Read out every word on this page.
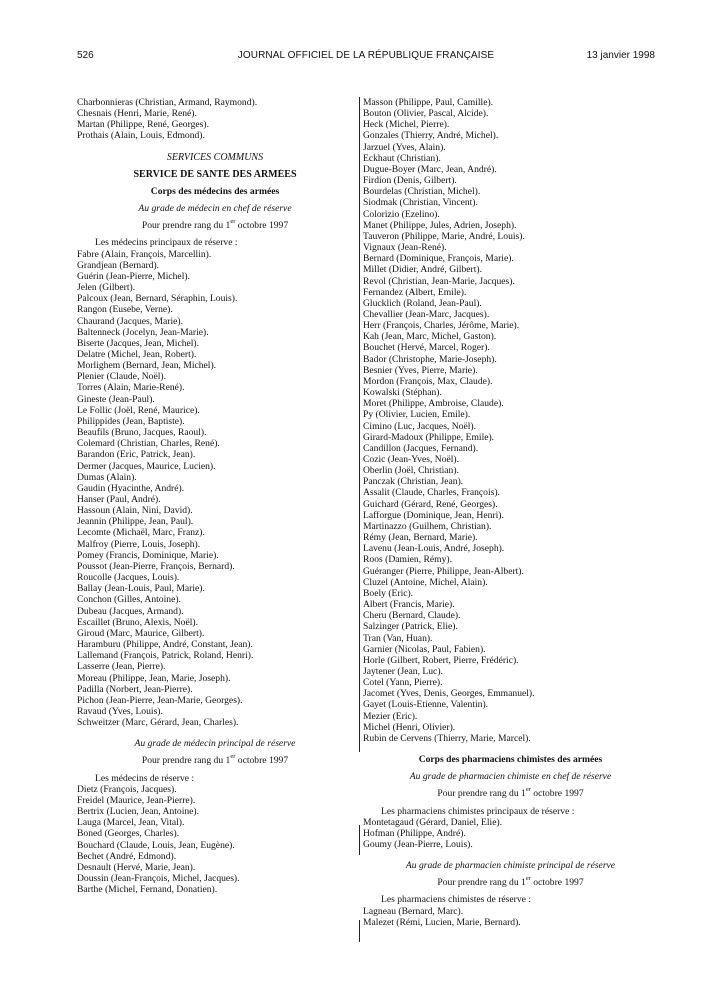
526	JOURNAL OFFICIEL DE LA RÉPUBLIQUE FRANÇAISE	13 janvier 1998
Charbonnieras (Christian, Armand, Raymond).
Chesnais (Henri, Marie, René).
Martan (Philippe, René, Georges).
Prothais (Alain, Louis, Edmond).
SERVICES COMMUNS
SERVICE DE SANTÉ DES ARMÉES
Corps des médecins des armées
Au grade de médecin en chef de réserve
Pour prendre rang du 1er octobre 1997
Les médecins principaux de réserve :
Fabre (Alain, François, Marcellin).
Grandjean (Bernard).
Guérin (Jean-Pierre, Michel).
Jelen (Gilbert).
Palcoux (Jean, Bernard, Séraphin, Louis).
Rangon (Eusebe, Verne).
Chaurand (Jacques, Marie).
Baltenneck (Jocelyn, Jean-Marie).
Biserte (Jacques, Jean, Michel).
Delatre (Michel, Jean, Robert).
Morlighem (Bernard, Jean, Michel).
Plenier (Claude, Noël).
Torres (Alain, Marie-René).
Gineste (Jean-Paul).
Le Follic (Joël, René, Maurice).
Philippides (Jean, Baptiste).
Beaufils (Bruno, Jacques, Raoul).
Colemard (Christian, Charles, René).
Barandon (Eric, Patrick, Jean).
Dermer (Jacques, Maurice, Lucien).
Dumas (Alain).
Gaudin (Hyacinthe, André).
Hanser (Paul, André).
Hassoun (Alain, Nini, David).
Jeannin (Philippe, Jean, Paul).
Lecomte (Michaël, Marc, Franz).
Malfroy (Pierre, Louis, Joseph).
Pomey (Francis, Dominique, Marie).
Poussot (Jean-Pierre, François, Bernard).
Roucolle (Jacques, Louis).
Ballay (Jean-Louis, Paul, Marie).
Conchon (Gilles, Antoine).
Dubeau (Jacques, Armand).
Escaillet (Bruno, Alexis, Noël).
Giroud (Marc, Maurice, Gilbert).
Haramburu (Philippe, André, Constant, Jean).
Lallemand (François, Patrick, Roland, Henri).
Lasserre (Jean, Pierre).
Moreau (Philippe, Jean, Marie, Joseph).
Padilla (Norbert, Jean-Pierre).
Pichon (Jean-Pierre, Jean-Marie, Georges).
Ravaud (Yves, Louis).
Schweitzer (Marc, Gérard, Jean, Charles).
Au grade de médecin principal de réserve
Pour prendre rang du 1er octobre 1997
Les médecins de réserve :
Dietz (François, Jacques).
Freidel (Maurice, Jean-Pierre).
Bertrix (Lucien, Jean, Antoine).
Lauga (Marcel, Jean, Vital).
Boned (Georges, Charles).
Bouchard (Claude, Louis, Jean, Eugène).
Bechet (André, Edmond).
Desnault (Hervé, Marie, Jean).
Doussin (Jean-François, Michel, Jacques).
Barthe (Michel, Fernand, Donatien).
Masson (Philippe, Paul, Camille).
Bouton (Olivier, Pascal, Alcide).
Heck (Michel, Pierre).
Gonzales (Thierry, André, Michel).
Jarzuel (Yves, Alain).
Eckhaut (Christian).
Dugue-Boyer (Marc, Jean, André).
Firdion (Denis, Gilbert).
Bourdelas (Christian, Michel).
Siodmak (Christian, Vincent).
Colorizio (Ezelino).
Manet (Philippe, Jules, Adrien, Joseph).
Tauveron (Philippe, Marie, André, Louis).
Vignaux (Jean-René).
Bernard (Dominique, François, Marie).
Millet (Didier, André, Gilbert).
Revol (Christian, Jean-Marie, Jacques).
Fernandez (Albert, Emile).
Glucklich (Roland, Jean-Paul).
Chevallier (Jean-Marc, Jacques).
Herr (François, Charles, Jérôme, Marie).
Kah (Jean, Marc, Michel, Gaston).
Bouchet (Hervé, Marcel, Roger).
Bador (Christophe, Marie-Joseph).
Besnier (Yves, Pierre, Marie).
Mordon (François, Max, Claude).
Kowalski (Stéphan).
Moret (Philippe, Ambroise, Claude).
Py (Olivier, Lucien, Emile).
Cimino (Luc, Jacques, Noël).
Girard-Madoux (Philippe, Emile).
Candillon (Jacques, Fernand).
Cozic (Jean-Yves, Noël).
Oberlin (Joël, Christian).
Panczak (Christian, Jean).
Assalit (Claude, Charles, François).
Guichard (Gérard, René, Georges).
Lafforgue (Dominique, Jean, Henri).
Martinazzo (Guilhem, Christian).
Rémy (Jean, Bernard, Marie).
Lavenu (Jean-Louis, André, Joseph).
Roos (Damien, Rémy).
Guéranger (Pierre, Philippe, Jean-Albert).
Cluzel (Antoine, Michel, Alain).
Boely (Eric).
Albert (Francis, Marie).
Cheru (Bernard, Claude).
Salzinger (Patrick, Elie).
Tran (Van, Huan).
Garnier (Nicolas, Paul, Fabien).
Horle (Gilbert, Robert, Pierre, Frédéric).
Jaytener (Jean, Luc).
Cotel (Yann, Pierre).
Jacomet (Yves, Denis, Georges, Emmanuel).
Gayet (Louis-Etienne, Valentin).
Mezier (Eric).
Michel (Henri, Olivier).
Rubin de Cervens (Thierry, Marie, Marcel).
Corps des pharmaciens chimistes des armées
Au grade de pharmacien chimiste en chef de réserve
Pour prendre rang du 1er octobre 1997
Les pharmaciens chimistes principaux de réserve :
Montetagaud (Gérard, Daniel, Elie).
Hofman (Philippe, André).
Goumy (Jean-Pierre, Louis).
Au grade de pharmacien chimiste principal de réserve
Pour prendre rang du 1er octobre 1997
Les pharmaciens chimistes de réserve :
Lagneau (Bernard, Marc).
Malezet (Rémi, Lucien, Marie, Bernard).
